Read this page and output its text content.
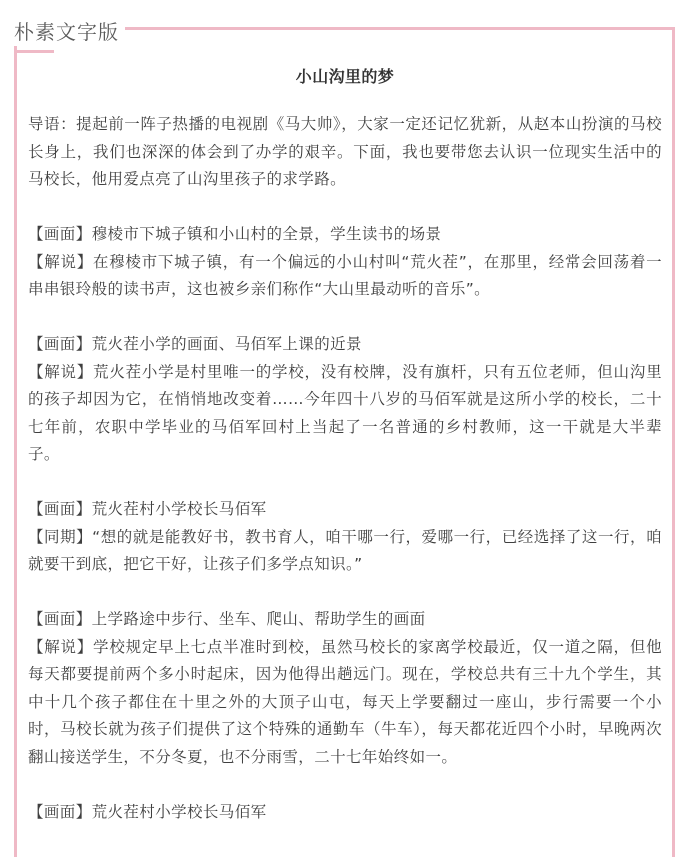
朴素文字版
小山沟里的梦

导语：提起前一阵子热播的电视剧《马大帅》，大家一定还记忆犹新，从赵本山扮演的马校长身上，我们也深深的体会到了办学的艰辛。下面，我也要带您去认识一位现实生活中的马校长，他用爱点亮了山沟里孩子的求学路。

【画面】穆棱市下城子镇和小山村的全景，学生读书的场景

【解说】在穆棱市下城子镇，有一个偏远的小山村叫“荒火茬”，在那里，经常会回荡着一串串银玲般的读书声，这也被乡亲们称作“大山里最动听的音乐”。

【画面】荒火茬小学的画面、马佰军上课的近景

【解说】荒火茬小学是村里唯一的学校，没有校牌，没有旗杆，只有五位老师，但山沟里的孩子却因为它，在悄悄地改变着……今年四十八岁的马佰军就是这所小学的校长，二十七年前，农职中学毕业的马佰军回村上当起了一名普通的乡村教师，这一干就是大半辈子。

【画面】荒火茬村小学校长马佰军

【同期】“想的就是能教好书，教书育人，咱干哪一行，爱哪一行，已经选择了这一行，咱就要干到底，把它干好，让孩子们多学点知识。”

【画面】上学路途中步行、坐车、爬山、帮助学生的画面

【解说】学校规定早上七点半准时到校，虽然马校长的家离学校最近，仅一道之隔，但他每天都要提前两个多小时起床，因为他得出趟远门。现在，学校总共有三十九个学生，其中十几个孩子都住在十里之外的大顶子山屯，每天上学要翻过一座山，步行需要一个小时，马校长就为孩子们提供了这个特殊的通勤车（牛车），每天都花近四个小时，早晚两次翻山接送学生，不分冬夏，也不分雨雪，二十七年始终如一。

【画面】荒火茬村小学校长马佰军
